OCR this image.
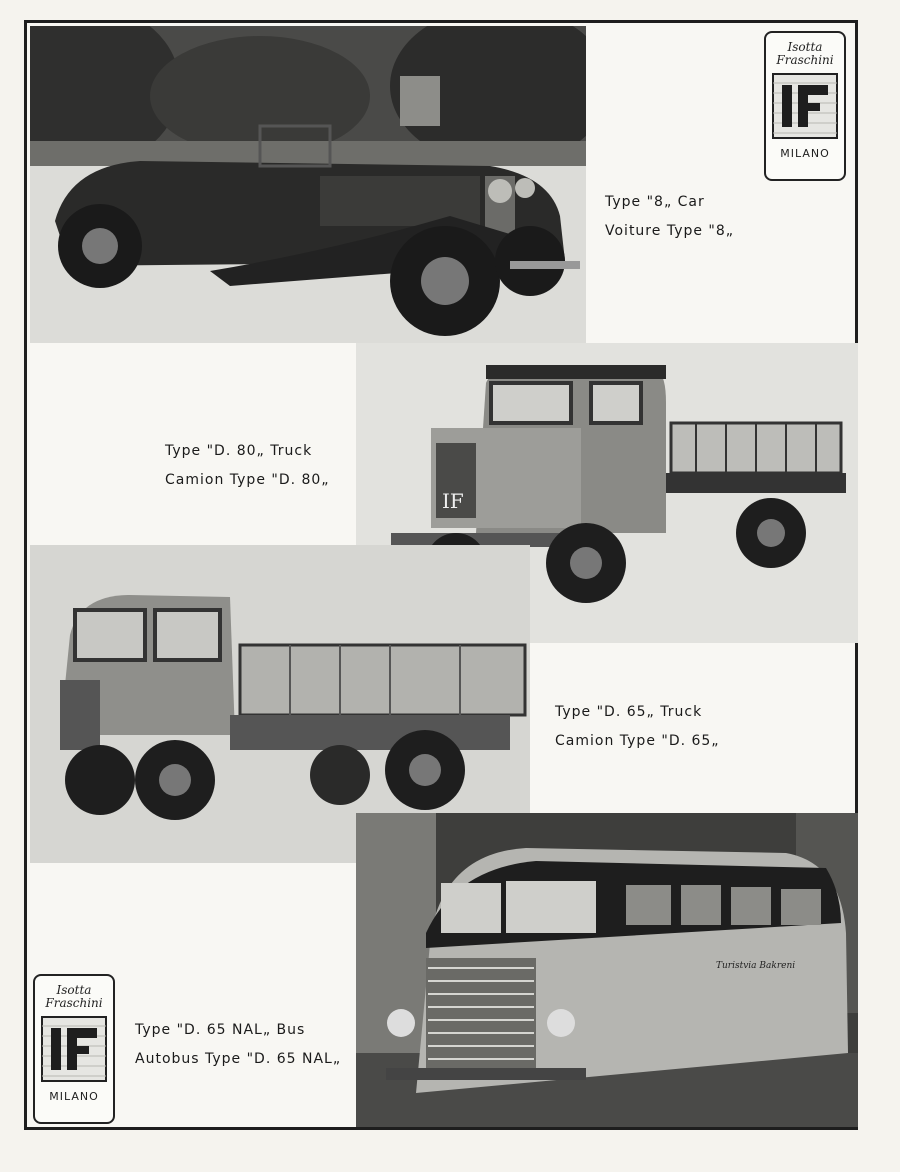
Type "8„ Car
Voiture Type "8„
Isotta
Fraschini
MILANO
IF
Type "D. 80„ Truck
Camion Type "D. 80„
Type "D. 65„ Truck
Camion Type "D. 65„
Turistvia Bakreni
Isotta
Fraschini
MILANO
Type "D. 65 NAL„ Bus
Autobus Type "D. 65 NAL„
